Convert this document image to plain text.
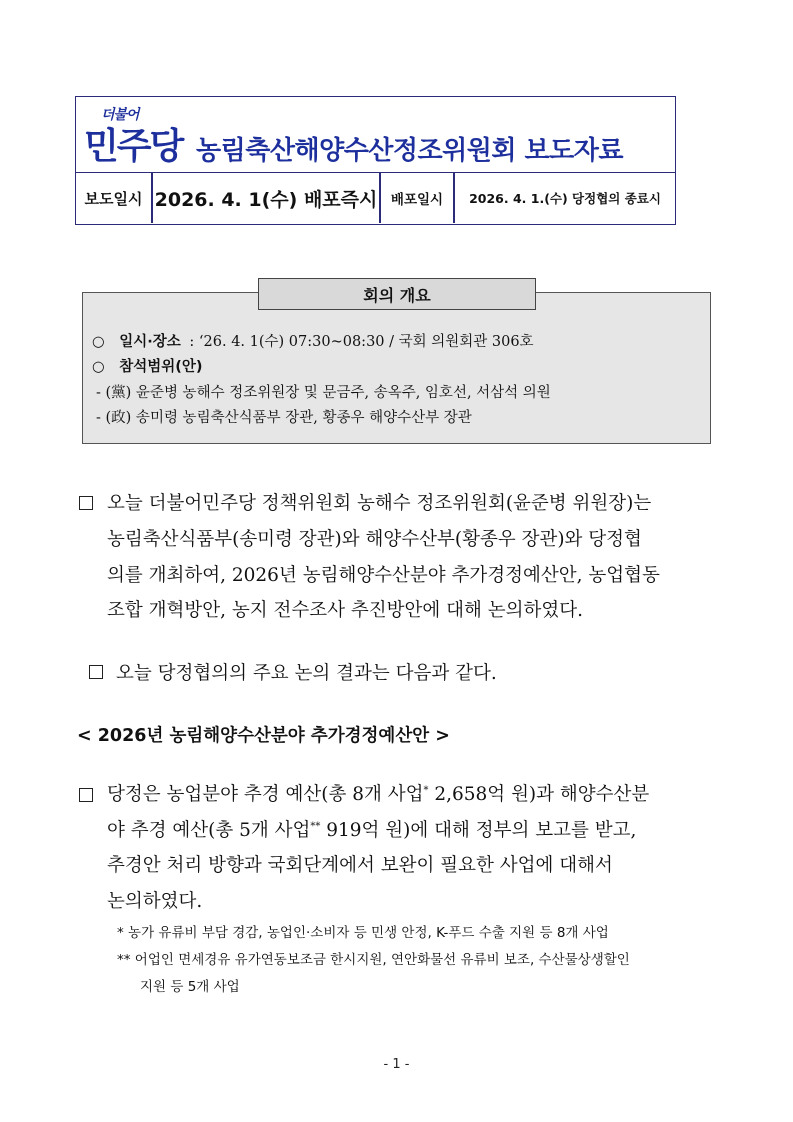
더불어
민주당 농림축산해양수산정조위원회 보도자료
보도일시 2026. 4. 1(수) 배포즉시	배포일시	2026. 4. 1.(수) 당정협의 종료시
회의 개요
○ 일시·장소 : ‘26. 4. 1(수) 07:30~08:30 / 국회 의원회관 306호
○ 참석범위(안)
- (黨) 윤준병 농해수 정조위원장 및 문금주, 송옥주, 임호선, 서삼석 의원
- (政) 송미령 농림축산식품부 장관, 황종우 해양수산부 장관
오늘 더불어민주당 정책위원회 농해수 정조위원회(윤준병 위원장)는
농림축산식품부(송미령 장관)와 해양수산부(황종우 장관)와 당정협
의를 개최하여, 2026년 농림해양수산분야 추가경정예산안, 농업협동
조합 개혁방안, 농지 전수조사 추진방안에 대해 논의하였다.
오늘 당정협의의 주요 논의 결과는 다음과 같다.
< 2026년 농림해양수산분야 추가경정예산안 >
당정은 농업분야 추경 예산(총 8개 사업* 2,658억 원)과 해양수산분
야 추경 예산(총 5개 사업** 919억 원)에 대해 정부의 보고를 받고,
추경안 처리 방향과 국회단계에서 보완이 필요한 사업에 대해서
논의하였다.
* 농가 유류비 부담 경감, 농업인·소비자 등 민생 안정, K-푸드 수출 지원 등 8개 사업
** 어업인 면세경유 유가연동보조금 한시지원, 연안화물선 유류비 보조, 수산물상생할인
지원 등 5개 사업
- 1 -
